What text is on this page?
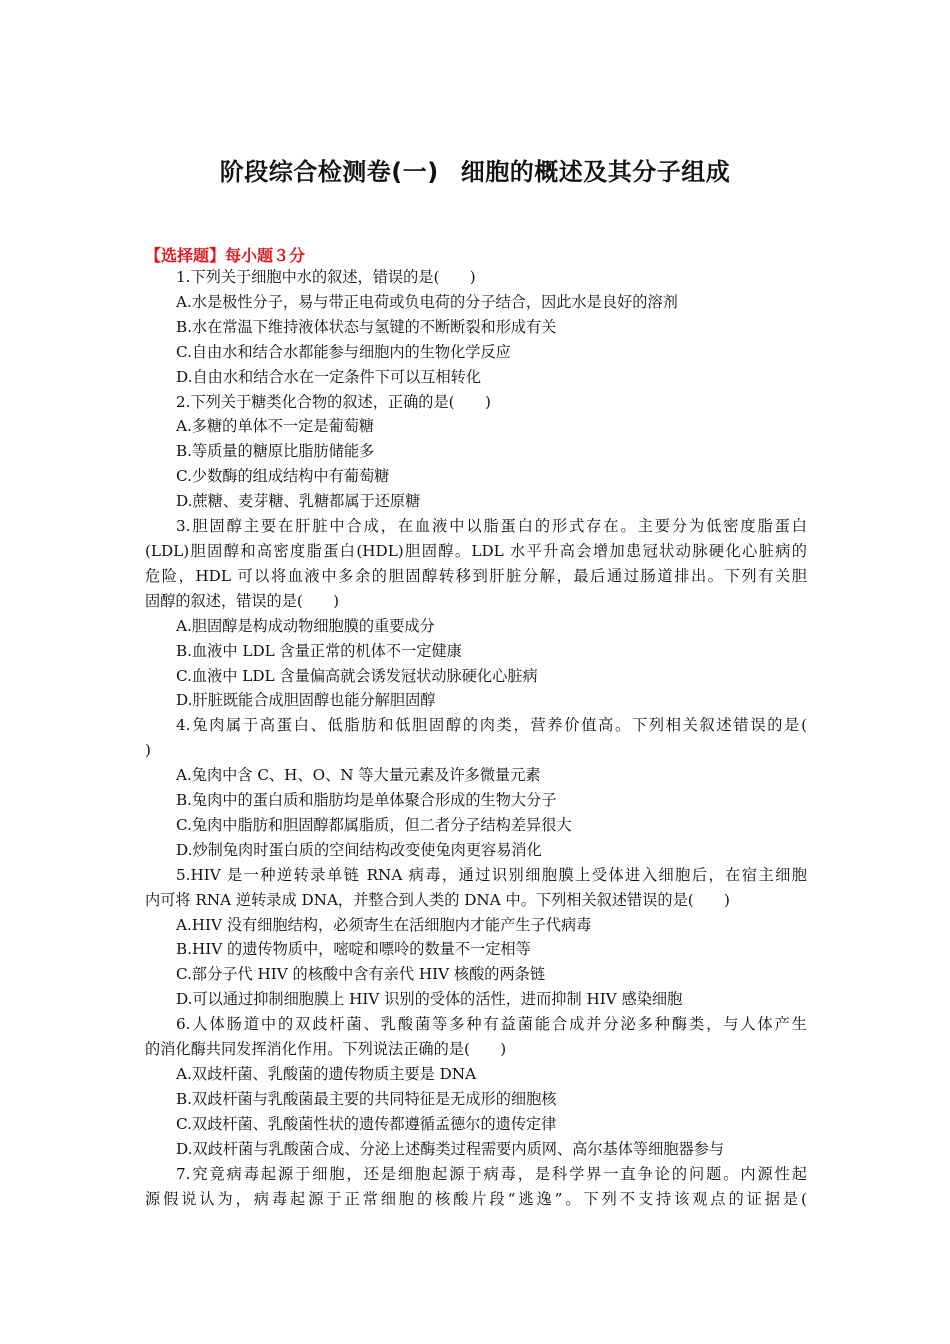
阶段综合检测卷(一) 细胞的概述及其分子组成
【选择题】每小题３分

1.下列关于细胞中水的叙述，错误的是(　　)

A.水是极性分子，易与带正电荷或负电荷的分子结合，因此水是良好的溶剂

B.水在常温下维持液体状态与氢键的不断断裂和形成有关

C.自由水和结合水都能参与细胞内的生物化学反应

D.自由水和结合水在一定条件下可以互相转化

2.下列关于糖类化合物的叙述，正确的是(　　)

A.多糖的单体不一定是葡萄糖

B.等质量的糖原比脂肪储能多

C.少数酶的组成结构中有葡萄糖

D.蔗糖、麦芽糖、乳糖都属于还原糖

3.胆固醇主要在肝脏中合成，在血液中以脂蛋白的形式存在。主要分为低密度脂蛋白

(LDL)胆固醇和高密度脂蛋白(HDL)胆固醇。LDL 水平升高会增加患冠状动脉硬化心脏病的

危险，HDL 可以将血液中多余的胆固醇转移到肝脏分解，最后通过肠道排出。下列有关胆

固醇的叙述，错误的是(　　)

A.胆固醇是构成动物细胞膜的重要成分

B.血液中 LDL 含量正常的机体不一定健康

C.血液中 LDL 含量偏高就会诱发冠状动脉硬化心脏病

D.肝脏既能合成胆固醇也能分解胆固醇

4.兔肉属于高蛋白、低脂肪和低胆固醇的肉类，营养价值高。下列相关叙述错误的是(

)

A.兔肉中含 C、H、O、N 等大量元素及许多微量元素

B.兔肉中的蛋白质和脂肪均是单体聚合形成的生物大分子

C.兔肉中脂肪和胆固醇都属脂质，但二者分子结构差异很大

D.炒制兔肉时蛋白质的空间结构改变使兔肉更容易消化

5.HIV 是一种逆转录单链 RNA 病毒，通过识别细胞膜上受体进入细胞后，在宿主细胞

内可将 RNA 逆转录成 DNA，并整合到人类的 DNA 中。下列相关叙述错误的是(　　)

A.HIV 没有细胞结构，必须寄生在活细胞内才能产生子代病毒

B.HIV 的遗传物质中，嘧啶和嘌呤的数量不一定相等

C.部分子代 HIV 的核酸中含有亲代 HIV 核酸的两条链

D.可以通过抑制细胞膜上 HIV 识别的受体的活性，进而抑制 HIV 感染细胞

6.人体肠道中的双歧杆菌、乳酸菌等多种有益菌能合成并分泌多种酶类，与人体产生

的消化酶共同发挥消化作用。下列说法正确的是(　　)

A.双歧杆菌、乳酸菌的遗传物质主要是 DNA

B.双歧杆菌与乳酸菌最主要的共同特征是无成形的细胞核

C.双歧杆菌、乳酸菌性状的遗传都遵循孟德尔的遗传定律

D.双歧杆菌与乳酸菌合成、分泌上述酶类过程需要内质网、高尔基体等细胞器参与

7.究竟病毒起源于细胞，还是细胞起源于病毒，是科学界一直争论的问题。内源性起

源假说认为，病毒起源于正常细胞的核酸片段“逃逸”。下列不支持该观点的证据是(
